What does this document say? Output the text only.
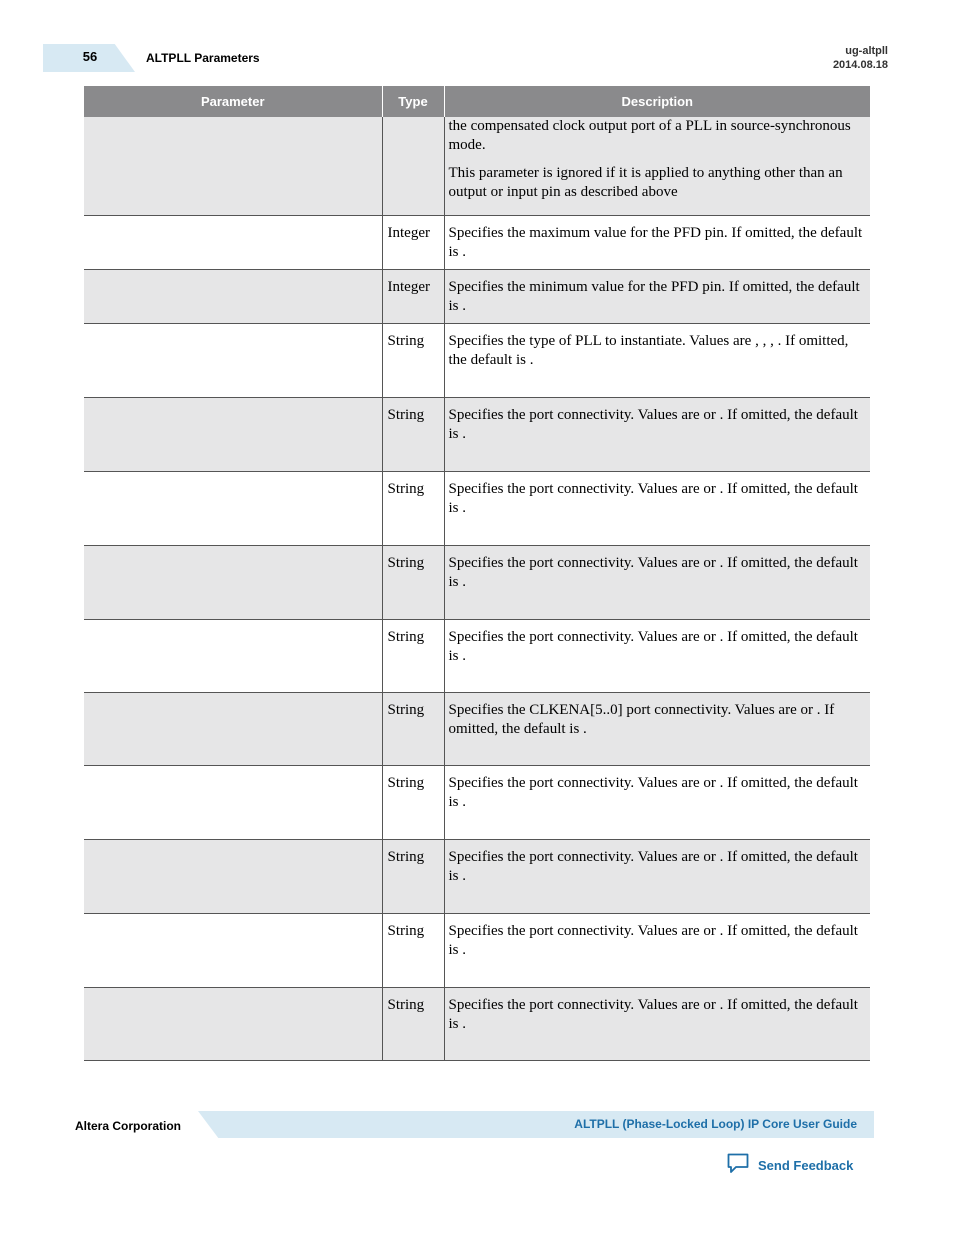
56	ALTPLL Parameters	ug-altpll
2014.08.18
Parameter	Type	Description

		the compensated clock output port of a PLL in source-synchronous mode.

This parameter is ignored if it is applied to anything other than an output or input pin as described above

	Integer	Specifies the maximum value for the PFD pin. If omitted, the default is .

	Integer	Specifies the minimum value for the PFD pin. If omitted, the default is .

	String	Specifies the type of PLL to instantiate. Values are , , , . If omitted, the default is .

	String	Specifies the port connectivity. Values are or . If omitted, the default is .

	String	Specifies the port connectivity. Values are or . If omitted, the default is .

	String	Specifies the port connectivity. Values are or . If omitted, the default is .

	String	Specifies the port connectivity. Values are or . If omitted, the default is .

	String	Specifies the CLKENA[5..0] port connectivity. Values are or . If omitted, the default is .

	String	Specifies the port connectivity. Values are or . If omitted, the default is .

	String	Specifies the port connectivity. Values are or . If omitted, the default is .

	String	Specifies the port connectivity. Values are or . If omitted, the default is .

	String	Specifies the port connectivity. Values are or . If omitted, the default is .

Altera Corporation	ALTPLL (Phase-Locked Loop) IP Core User Guide
Send Feedback
